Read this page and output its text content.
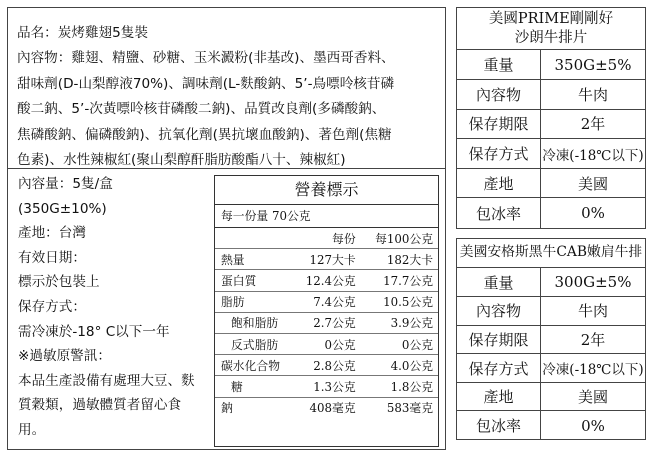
品名：炭烤雞翅5隻裝
內容物：雞翅、精鹽、砂糖、玉米澱粉(非基改)、墨西哥香料、
甜味劑(D-山梨醇液70%)、調味劑(L-麩酸鈉、5’-鳥嘌呤核苷磷
酸二鈉、5’-次黃嘌呤核苷磷酸二鈉)、品質改良劑(多磷酸鈉、
焦磷酸鈉、偏磷酸鈉)、抗氧化劑(異抗壞血酸鈉)、著色劑(焦糖
色素)、水性辣椒紅(聚山梨醇酐脂肪酸酯八十、辣椒紅)
內容量：5隻/盒
(350G±10%)
產地：台灣
有效日期：
標示於包裝上
保存方式：
需冷凍於-18° C以下一年
※過敏原警訊：
本品生產設備有處理大豆、麩質穀類，過敏體質者留心食用。
營養標示
每一份量 70公克
	每份	每100公克
熱量	127大卡	182大卡
蛋白質	12.4公克	17.7公克
脂肪	7.4公克	10.5公克
飽和脂肪	2.7公克	3.9公克
反式脂肪	0公克	0公克
碳水化合物	2.8公克	4.0公克
糖	1.3公克	1.8公克
鈉	408毫克	583毫克
美國PRIME剛剛好
沙朗牛排片
重量	350G±5%
內容物	牛肉
保存期限	2年
保存方式	冷凍(-18℃以下)
產地	美國
包冰率	0%
美國安格斯黑牛CAB嫩肩牛排
重量	300G±5%
內容物	牛肉
保存期限	2年
保存方式	冷凍(-18℃以下)
產地	美國
包冰率	0%
